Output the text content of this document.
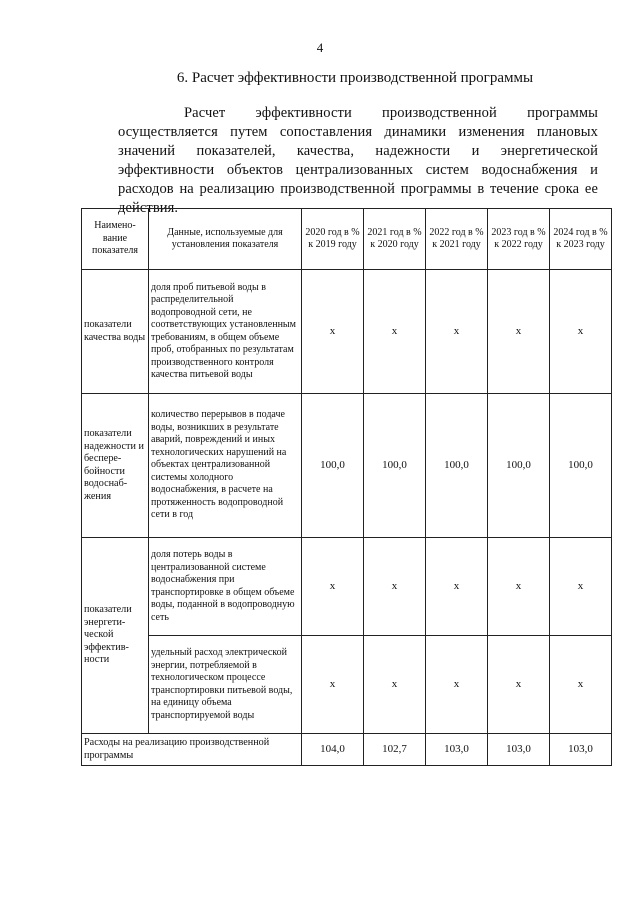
4
6. Расчет эффективности производственной программы
Расчет эффективности производственной программы осуществляется путем сопоставления динамики изменения плановых значений показателей, качества, надежности и энергетической эффективности объектов централизованных систем водоснабжения и расходов на реализацию производственной программы в течение срока ее действия.
Наимено-вание показателя	Данные, используемые для установления показателя	2020 год в % к 2019 году	2021 год в % к 2020 году	2022 год в % к 2021 году	2023 год в % к 2022 году	2024 год в % к 2023 году
показатели качества воды	доля проб питьевой воды в распределительной водопроводной сети, не соответствующих установленным требованиям, в общем объеме проб, отобранных по результатам производственного контроля качества питьевой воды	x	x	x	x	x
показатели надежности и беспере-бойности водоснаб-жения	количество перерывов в подаче воды, возникших в результате аварий, повреждений и иных технологических нарушений на объектах централизованной системы холодного водоснабжения, в расчете на протяженность водопроводной сети в год	100,0	100,0	100,0	100,0	100,0
показатели энергети-ческой эффектив-ности	доля потерь воды в централизованной системе водоснабжения при транспортировке в общем объеме воды, поданной в водопроводную сеть	x	x	x	x	x
	удельный расход электрической энергии, потребляемой в технологическом процессе транспортировки питьевой воды, на единицу объема транспортируемой воды	x	x	x	x	x
Расходы на реализацию производственной программы		104,0	102,7	103,0	103,0	103,0
